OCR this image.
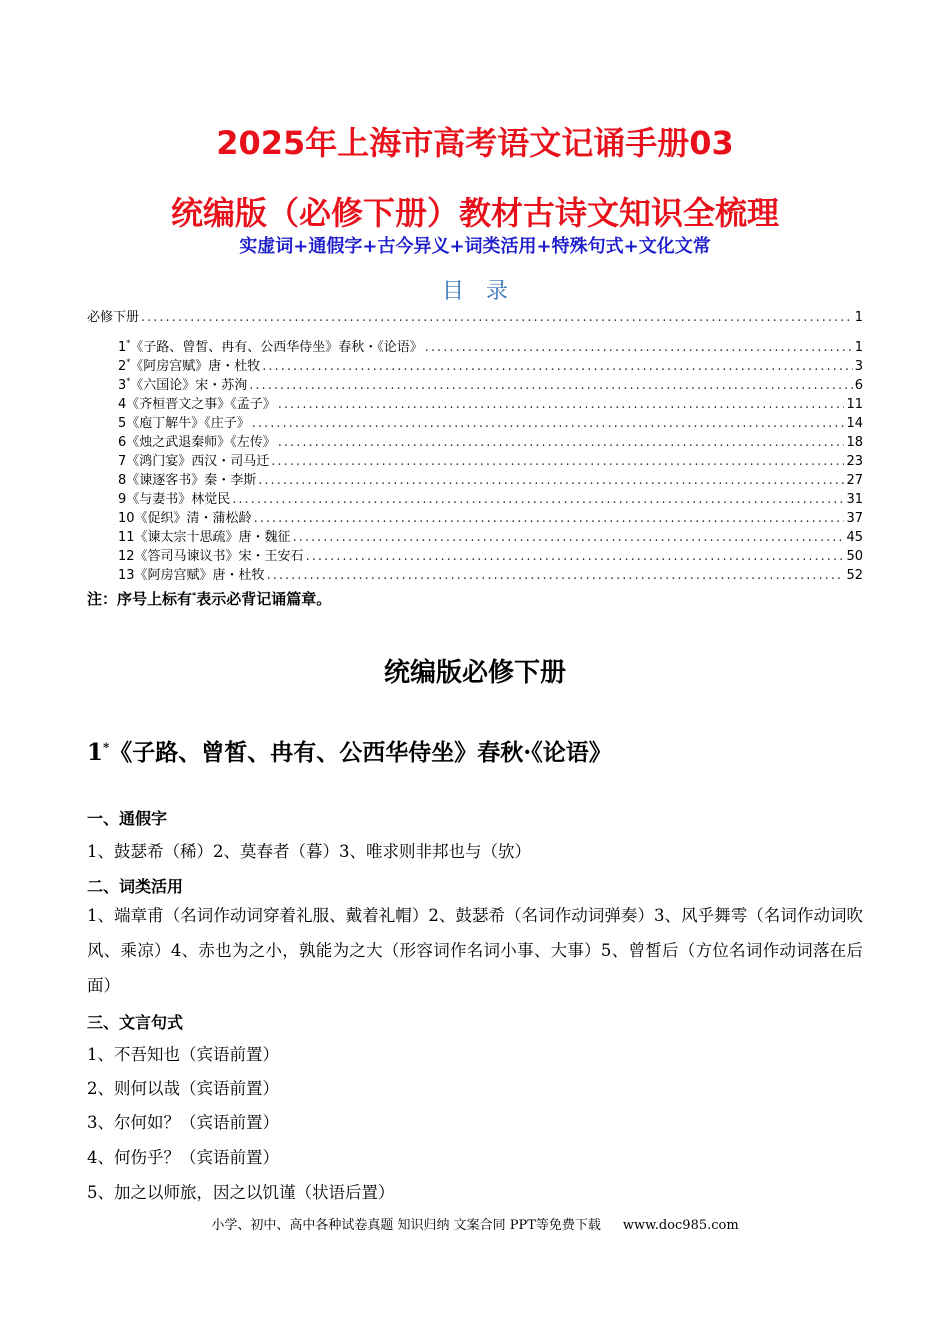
2025年上海市高考语文记诵手册03
统编版（必修下册）教材古诗文知识全梳理
实虚词+通假字+古今异义+词类活用+特殊句式+文化文常
目录
必修下册 .....	1
1*《子路、曾皙、冉有、公西华侍坐》春秋・《论语》 .....	1
2*《阿房宫赋》唐・杜牧 .....	3
3*《六国论》宋・苏洵 .....	6
4《齐桓晋文之事》《孟子》 .....	11
5《庖丁解牛》《庄子》 .....	14
6《烛之武退秦师》《左传》 .....	18
7《鸿门宴》西汉・司马迁 .....	23
8《谏逐客书》秦・李斯 .....	27
9《与妻书》林觉民 .....	31
10《促织》清・蒲松龄 .....	37
11《谏太宗十思疏》唐・魏征 .....	45
12《答司马谏议书》宋・王安石 .....	50
13《阿房宫赋》唐・杜牧 .....	52
注：序号上标有*表示必背记诵篇章。
统编版必修下册
1*《子路、曾皙、冉有、公西华侍坐》春秋·《论语》
一、通假字
1、鼓瑟希（稀）2、莫春者（暮）3、唯求则非邦也与（欤）
二、词类活用
1、端章甫（名词作动词穿着礼服、戴着礼帽）2、鼓瑟希（名词作动词弹奏）3、风乎舞雩（名词作动词吹风、乘凉）4、赤也为之小，孰能为之大（形容词作名词小事、大事）5、曾皙后（方位名词作动词落在后面）
三、文言句式
1、不吾知也（宾语前置）
2、则何以哉（宾语前置）
3、尔何如？（宾语前置）
4、何伤乎？（宾语前置）
5、加之以师旅，因之以饥谨（状语后置）
小学、初中、高中各种试卷真题 知识归纳 文案合同 PPT等免费下载 www.doc985.com
